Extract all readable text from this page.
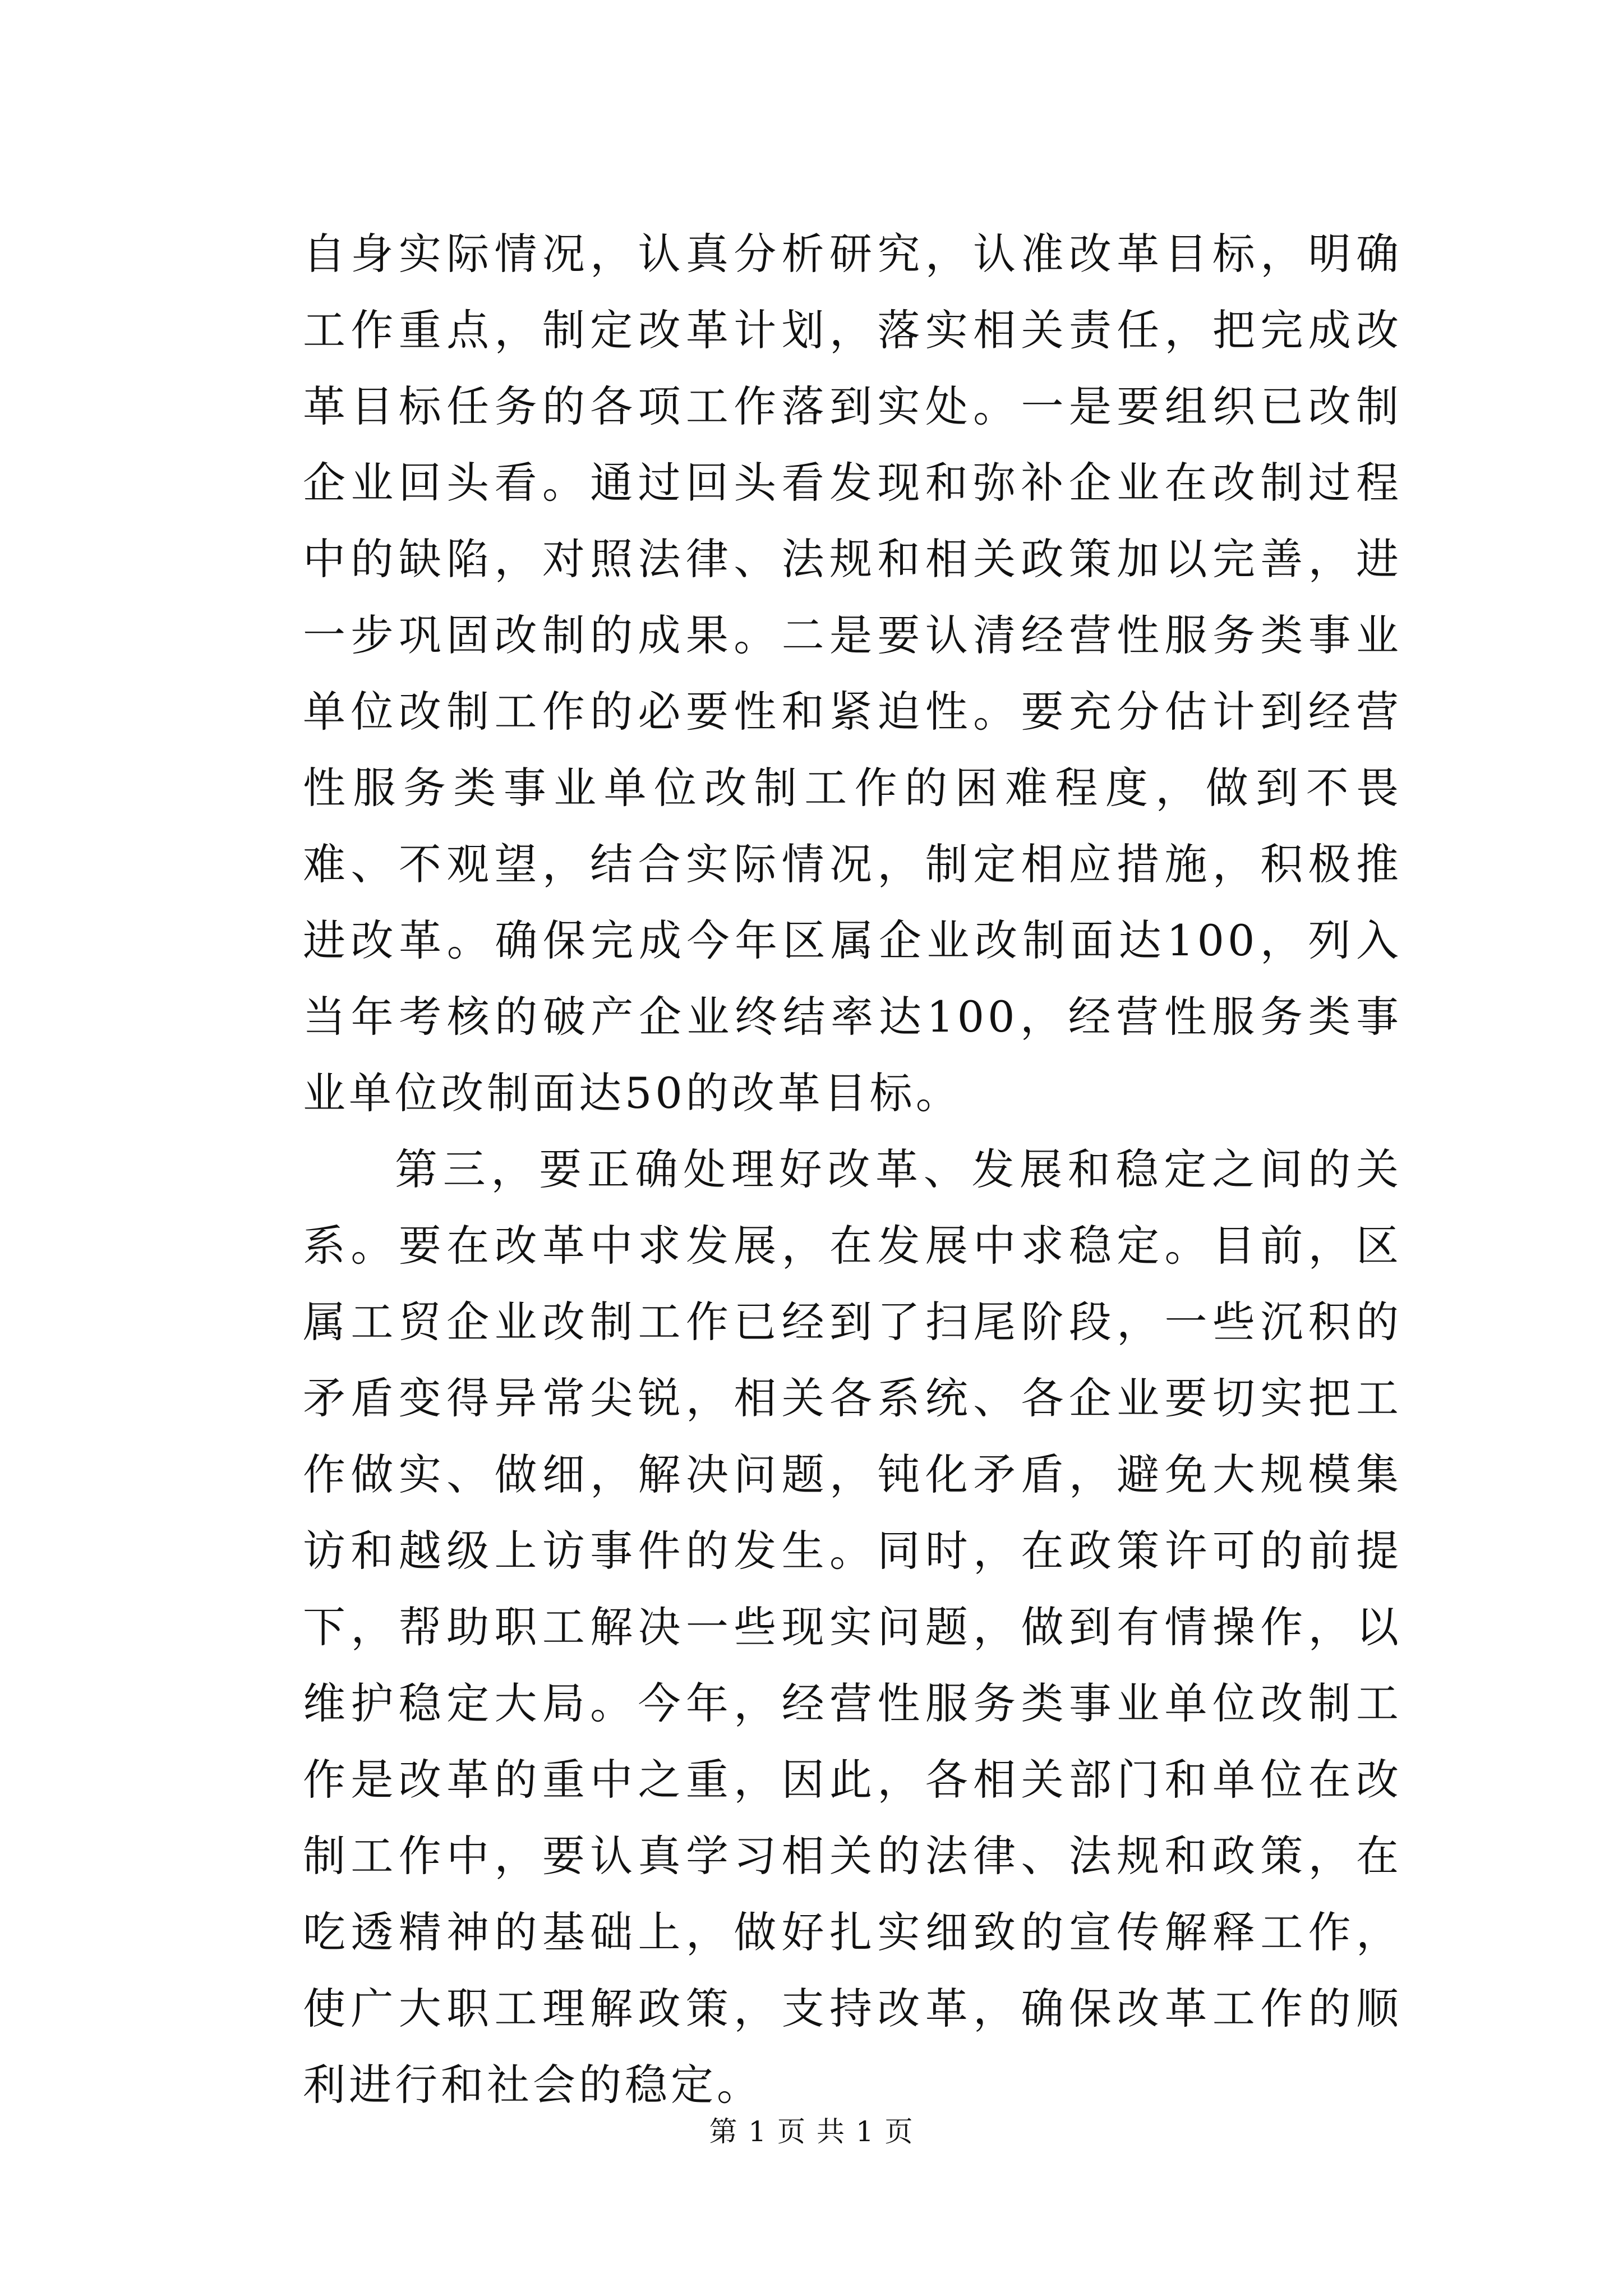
自身实际情况，认真分析研究，认准改革目标，明确工作重点，制定改革计划，落实相关责任，把完成改革目标任务的各项工作落到实处。一是要组织已改制企业回头看。通过回头看发现和弥补企业在改制过程中的缺陷，对照法律、法规和相关政策加以完善，进一步巩固改制的成果。二是要认清经营性服务类事业单位改制工作的必要性和紧迫性。要充分估计到经营性服务类事业单位改制工作的困难程度，做到不畏难、不观望，结合实际情况，制定相应措施，积极推进改革。确保完成今年区属企业改制面达100，列入当年考核的破产企业终结率达100，经营性服务类事业单位改制面达50的改革目标。

第三，要正确处理好改革、发展和稳定之间的关系。要在改革中求发展，在发展中求稳定。目前，区属工贸企业改制工作已经到了扫尾阶段，一些沉积的矛盾变得异常尖锐，相关各系统、各企业要切实把工作做实、做细，解决问题，钝化矛盾，避免大规模集访和越级上访事件的发生。同时，在政策许可的前提下，帮助职工解决一些现实问题，做到有情操作，以维护稳定大局。今年，经营性服务类事业单位改制工作是改革的重中之重，因此，各相关部门和单位在改制工作中，要认真学习相关的法律、法规和政策，在吃透精神的基础上，做好扎实细致的宣传解释工作，使广大职工理解政策，支持改革，确保改革工作的顺利进行和社会的稳定。

第 1 页 共 1 页
